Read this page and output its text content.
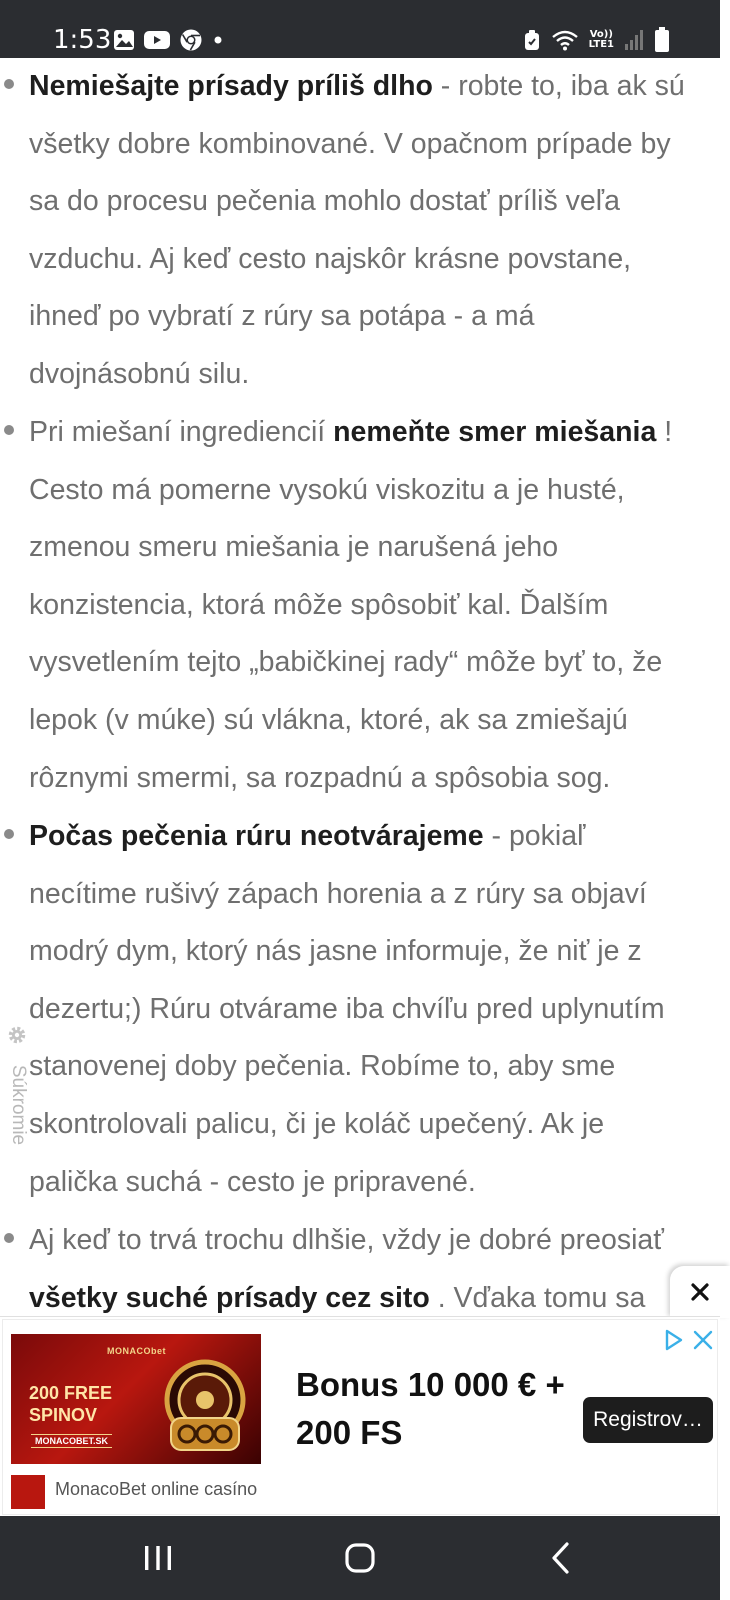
1:53	Vo))
LTE1
Nemiešajte prísady príliš dlho - robte to, iba ak sú všetky dobre kombinované. V opačnom prípade by sa do procesu pečenia mohlo dostať príliš veľa vzduchu. Aj keď cesto najskôr krásne povstane, ihneď po vybratí z rúry sa potápa - a má dvojnásobnú silu.
Pri miešaní ingrediencií nemeňte smer miešania ! Cesto má pomerne vysokú viskozitu a je husté, zmenou smeru miešania je narušená jeho konzistencia, ktorá môže spôsobiť kal. Ďalším vysvetlením tejto „babičkinej rady“ môže byť to, že lepok (v múke) sú vlákna, ktoré, ak sa zmiešajú rôznymi smermi, sa rozpadnú a spôsobia sog.
Počas pečenia rúru neotvárajeme - pokiaľ necítime rušivý zápach horenia a z rúry sa objaví modrý dym, ktorý nás jasne informuje, že niť je z dezertu;) Rúru otvárame iba chvíľu pred uplynutím stanovenej doby pečenia. Robíme to, aby sme skontrolovali palicu, či je koláč upečený. Ak je palička suchá - cesto je pripravené.
Aj keď to trvá trochu dlhšie, vždy je dobré preosiať všetky suché prísady cez sito . Vďaka tomu sa
Súkromie
MONACObet
200 FREE
SPINOV
MONACOBET.SK
Bonus 10 000 € + 200 FS	Registrov…
MonacoBet online casíno
